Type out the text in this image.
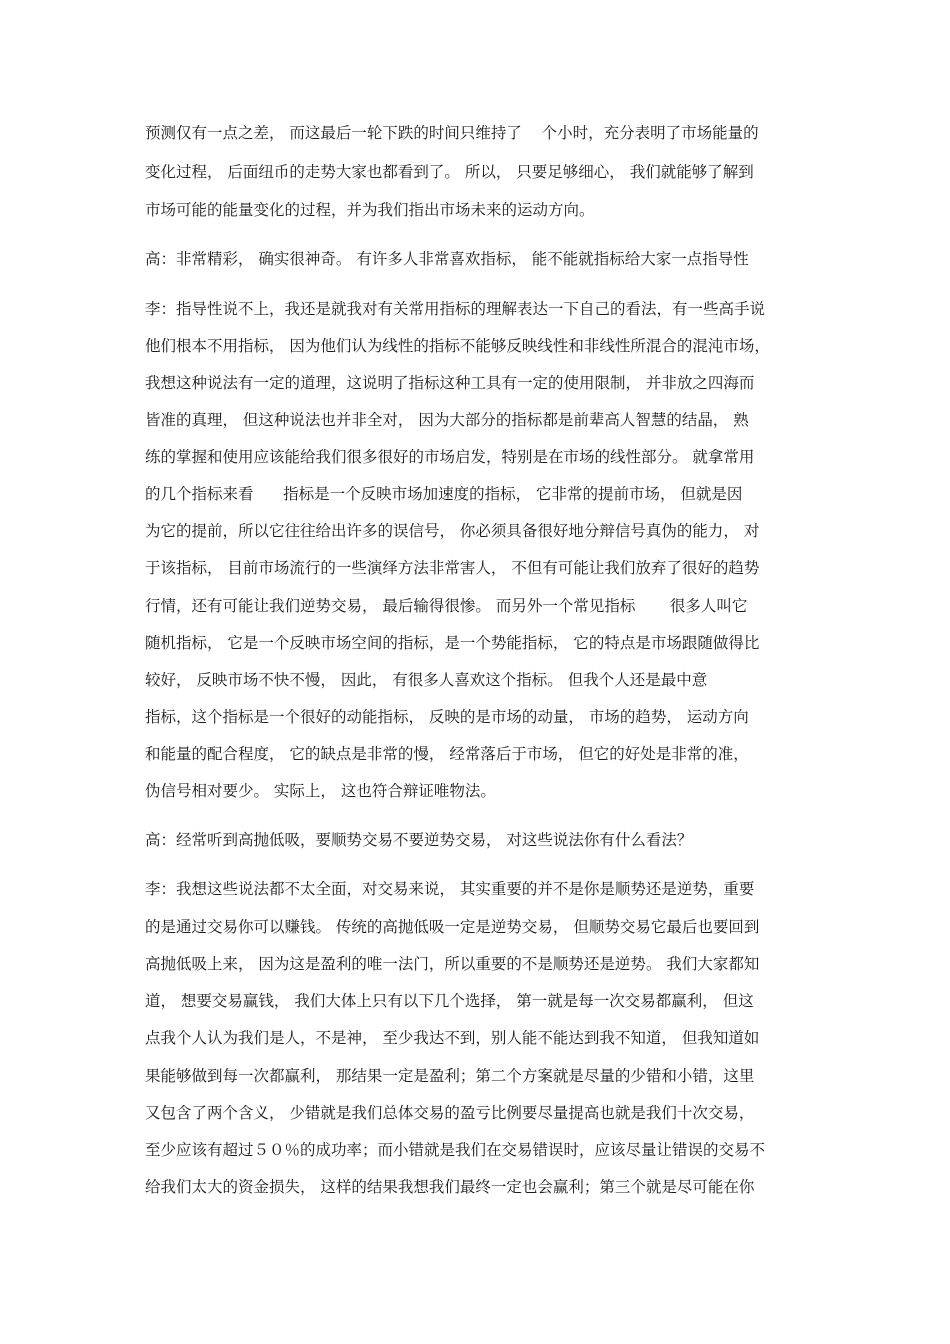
预测仅有一点之差， 而这最后一轮下跌的时间只维持了    个小时，充分表明了市场能量的
变化过程， 后面纽币的走势大家也都看到了。 所以， 只要足够细心， 我们就能够了解到
市场可能的能量变化的过程，并为我们指出市场未来的运动方向。
高：非常精彩， 确实很神奇。 有许多人非常喜欢指标， 能不能就指标给大家一点指导性
李：指导性说不上，我还是就我对有关常用指标的理解表达一下自己的看法，有一些高手说
他们根本不用指标， 因为他们认为线性的指标不能够反映线性和非线性所混合的混沌市场，
我想这种说法有一定的道理，这说明了指标这种工具有一定的使用限制， 并非放之四海而
皆准的真理， 但这种说法也并非全对， 因为大部分的指标都是前辈高人智慧的结晶， 熟
练的掌握和使用应该能给我们很多很好的市场启发，特别是在市场的线性部分。 就拿常用
的几个指标来看      指标是一个反映市场加速度的指标， 它非常的提前市场， 但就是因
为它的提前，所以它往往给出许多的误信号， 你必须具备很好地分辩信号真伪的能力， 对
于该指标， 目前市场流行的一些演绎方法非常害人， 不但有可能让我们放弃了很好的趋势
行情，还有可能让我们逆势交易， 最后输得很惨。 而另外一个常见指标       很多人叫它
随机指标， 它是一个反映市场空间的指标，是一个势能指标， 它的特点是市场跟随做得比
较好， 反映市场不快不慢， 因此， 有很多人喜欢这个指标。 但我个人还是最中意
指标，这个指标是一个很好的动能指标， 反映的是市场的动量， 市场的趋势， 运动方向
和能量的配合程度， 它的缺点是非常的慢， 经常落后于市场， 但它的好处是非常的准，
伪信号相对要少。 实际上， 这也符合辩证唯物法。
高：经常听到高抛低吸，要顺势交易不要逆势交易， 对这些说法你有什么看法？
李：我想这些说法都不太全面，对交易来说， 其实重要的并不是你是顺势还是逆势，重要
的是通过交易你可以赚钱。 传统的高抛低吸一定是逆势交易， 但顺势交易它最后也要回到
高抛低吸上来， 因为这是盈利的唯一法门，所以重要的不是顺势还是逆势。 我们大家都知
道， 想要交易赢钱， 我们大体上只有以下几个选择， 第一就是每一次交易都赢利， 但这
点我个人认为我们是人，不是神， 至少我达不到，别人能不能达到我不知道， 但我知道如
果能够做到每一次都赢利， 那结果一定是盈利；第二个方案就是尽量的少错和小错，这里
又包含了两个含义， 少错就是我们总体交易的盈亏比例要尽量提高也就是我们十次交易，
至少应该有超过５０％的成功率；而小错就是我们在交易错误时，应该尽量让错误的交易不
给我们太大的资金损失， 这样的结果我想我们最终一定也会赢利；第三个就是尽可能在你
